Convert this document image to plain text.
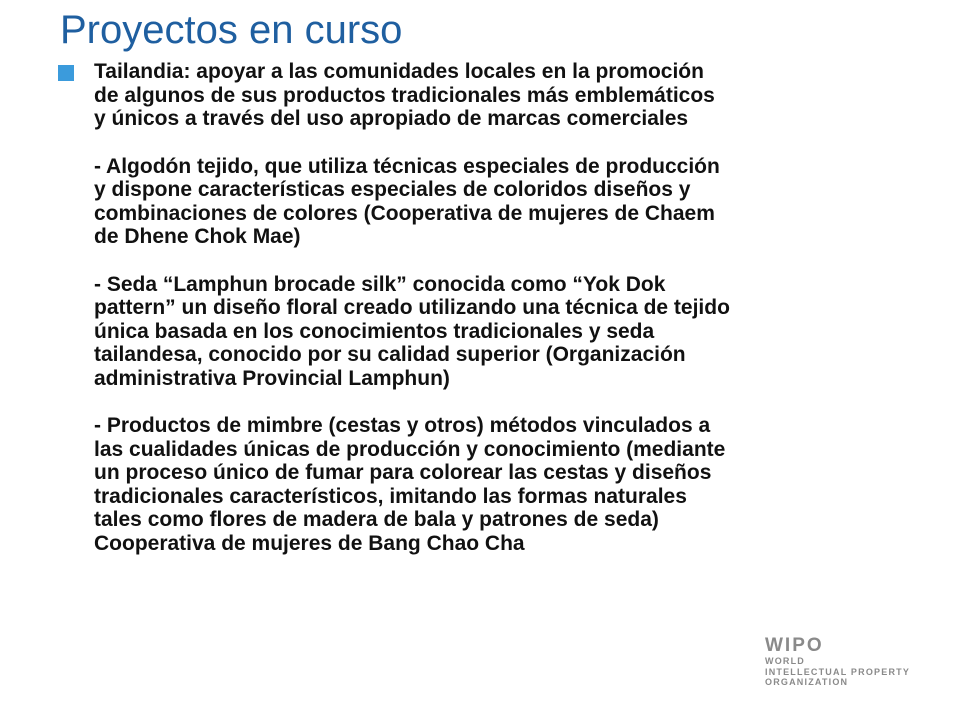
Proyectos en curso

Tailandia: apoyar a las comunidades locales en la promoción
de algunos de sus productos tradicionales más emblemáticos
y únicos a través del uso apropiado de marcas comerciales

- Algodón tejido, que utiliza técnicas especiales de producción
y dispone características especiales de coloridos diseños y
combinaciones de colores (Cooperativa de mujeres de Chaem
de Dhene Chok Mae)

- Seda “Lamphun brocade silk” conocida como “Yok Dok
pattern” un diseño floral creado utilizando una técnica de tejido
única basada en los conocimientos tradicionales y seda
tailandesa, conocido por su calidad superior (Organización
administrativa Provincial Lamphun)

- Productos de mimbre (cestas y otros) métodos vinculados a
las cualidades únicas de producción y conocimiento (mediante
un proceso único de fumar para colorear las cestas y diseños
tradicionales característicos, imitando las formas naturales
tales como flores de madera de bala y patrones de seda)
Cooperativa de mujeres de Bang Chao Cha

WIPO
WORLD
INTELLECTUAL PROPERTY
ORGANIZATION
